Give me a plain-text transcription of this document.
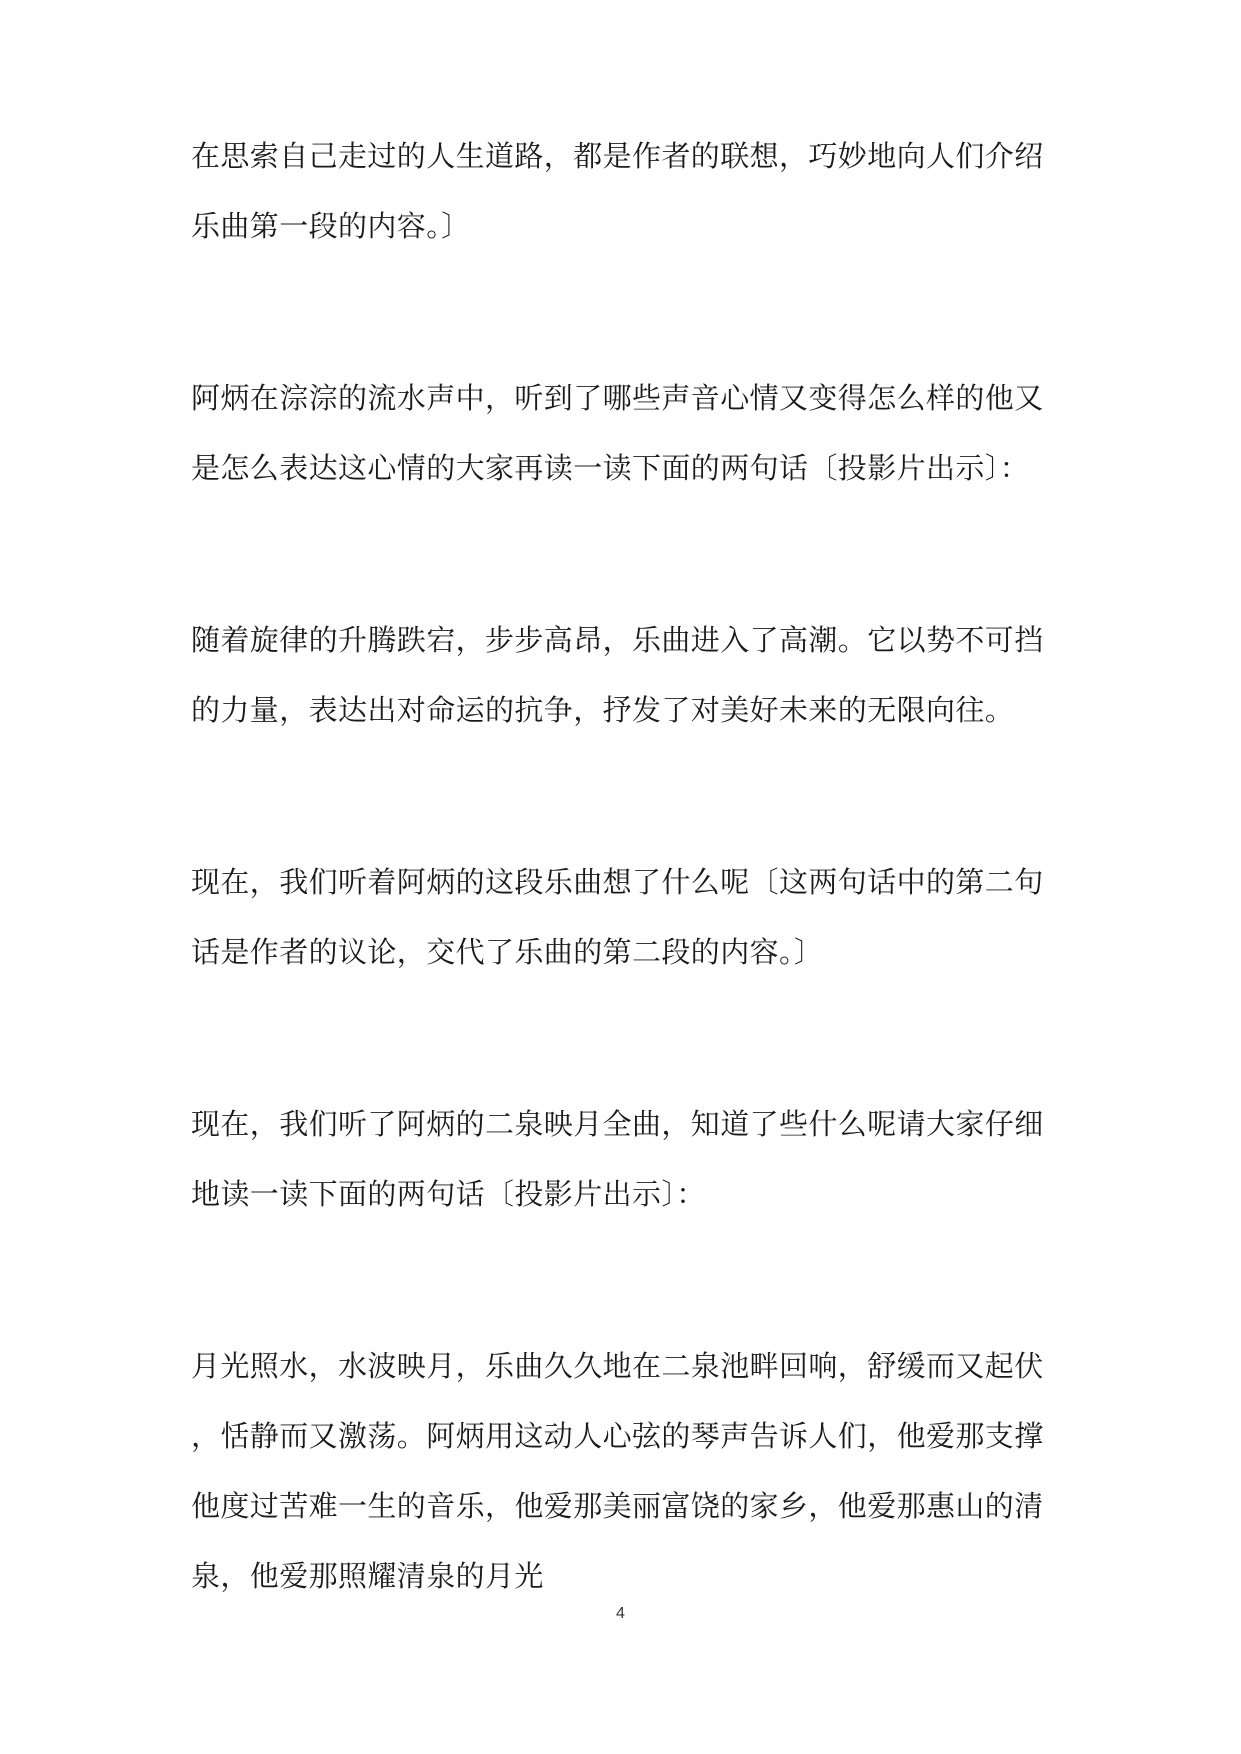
在思索自己走过的人生道路，都是作者的联想，巧妙地向人们介绍
乐曲第一段的内容。〕
阿炳在淙淙的流水声中，听到了哪些声音心情又变得怎么样的他又
是怎么表达这心情的大家再读一读下面的两句话〔投影片出示〕：
随着旋律的升腾跌宕，步步高昂，乐曲进入了高潮。它以势不可挡
的力量，表达出对命运的抗争，抒发了对美好未来的无限向往。
现在，我们听着阿炳的这段乐曲想了什么呢〔这两句话中的第二句
话是作者的议论，交代了乐曲的第二段的内容。〕
现在，我们听了阿炳的二泉映月全曲，知道了些什么呢请大家仔细
地读一读下面的两句话〔投影片出示〕：
月光照水，水波映月，乐曲久久地在二泉池畔回响，舒缓而又起伏
，恬静而又激荡。阿炳用这动人心弦的琴声告诉人们，他爱那支撑
他度过苦难一生的音乐，他爱那美丽富饶的家乡，他爱那惠山的清
泉，他爱那照耀清泉的月光
4
